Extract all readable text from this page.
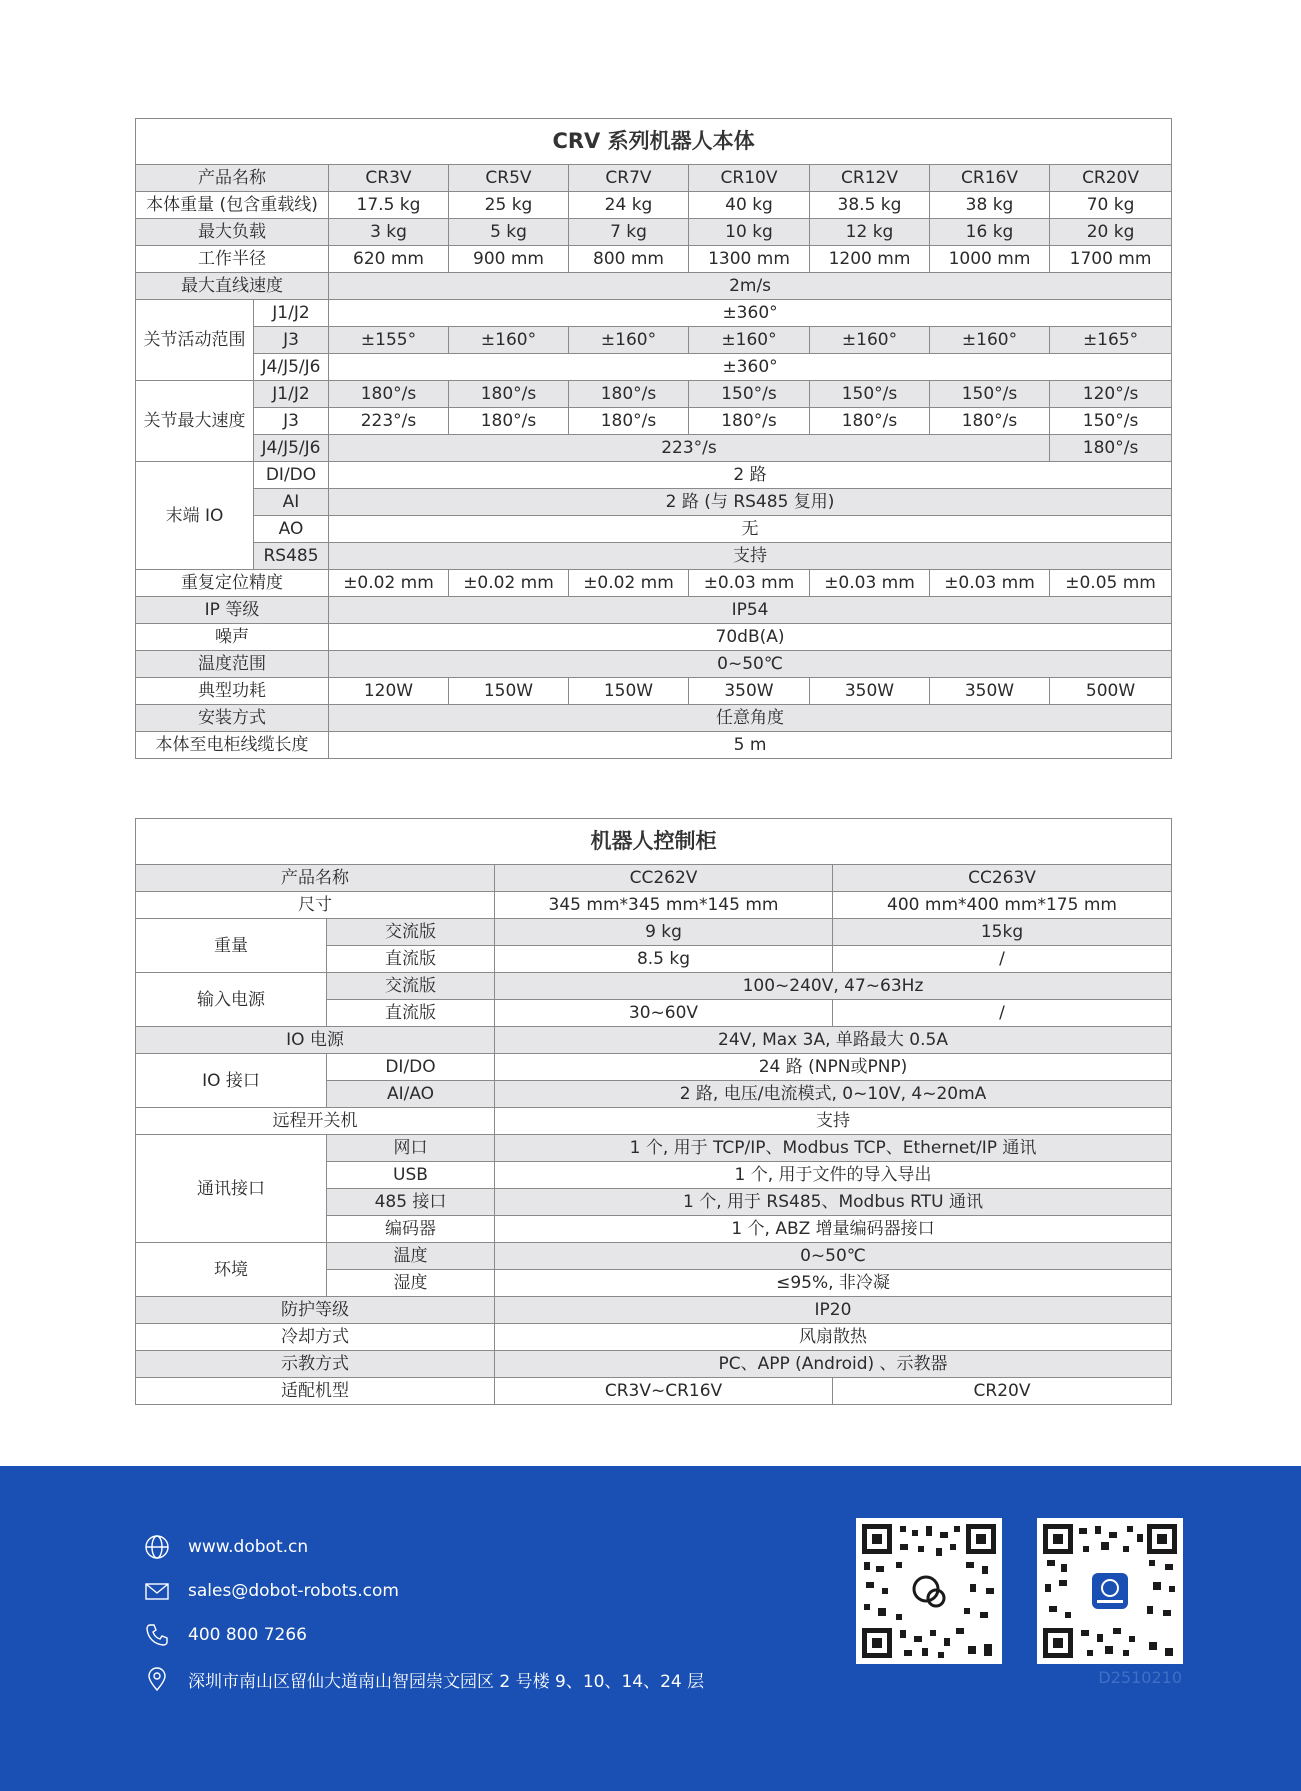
CRV 系列机器人本体								
产品名称		CR3V	CR5V	CR7V	CR10V	CR12V	CR16V	CR20V
本体重量 (包含重载线)		17.5 kg	25 kg	24 kg	40 kg	38.5 kg	38 kg	70 kg
最大负载		3 kg	5 kg	7 kg	10 kg	12 kg	16 kg	20 kg
工作半径		620 mm	900 mm	800 mm	1300 mm	1200 mm	1000 mm	1700 mm
最大直线速度		2m/s						
关节活动范围	J1/J2	±360°						
	J3	±155°	±160°	±160°	±160°	±160°	±160°	±165°
	J4/J5/J6	±360°						
关节最大速度	J1/J2	180°/s	180°/s	180°/s	150°/s	150°/s	150°/s	120°/s
	J3	223°/s	180°/s	180°/s	180°/s	180°/s	180°/s	150°/s
	J4/J5/J6	223°/s						180°/s
末端 IO	DI/DO	2 路						
	AI	2 路 (与 RS485 复用)						
	AO	无						
	RS485	支持						
重复定位精度		±0.02 mm	±0.02 mm	±0.02 mm	±0.03 mm	±0.03 mm	±0.03 mm	±0.05 mm
IP 等级		IP54						
噪声		70dB(A)						
温度范围		0~50℃						
典型功耗		120W	150W	150W	350W	350W	350W	500W
安装方式		任意角度						
本体至电柜线缆长度		5 m						
机器人控制柜			
产品名称		CC262V	CC263V
尺寸		345 mm*345 mm*145 mm	400 mm*400 mm*175 mm
重量	交流版	9 kg	15kg
	直流版	8.5 kg	/
输入电源	交流版	100~240V, 47~63Hz	
	直流版	30~60V	/
IO 电源		24V, Max 3A, 单路最大 0.5A	
IO 接口	DI/DO	24 路 (NPN或PNP)	
	AI/AO	2 路, 电压/电流模式, 0~10V, 4~20mA	
远程开关机		支持	
通讯接口	网口	1 个, 用于 TCP/IP、Modbus TCP、Ethernet/IP 通讯	
	USB	1 个, 用于文件的导入导出	
	485 接口	1 个, 用于 RS485、Modbus RTU 通讯	
	编码器	1 个, ABZ 增量编码器接口	
环境	温度	0~50℃	
	湿度	≤95%, 非冷凝	
防护等级		IP20	
冷却方式		风扇散热	
示教方式		PC、APP (Android) 、示教器	
适配机型		CR3V~CR16V	CR20V
www.dobot.cn
sales@dobot-robots.com
400 800 7266
深圳市南山区留仙大道南山智园崇文园区 2 号楼 9、10、14、24 层	D2510210
